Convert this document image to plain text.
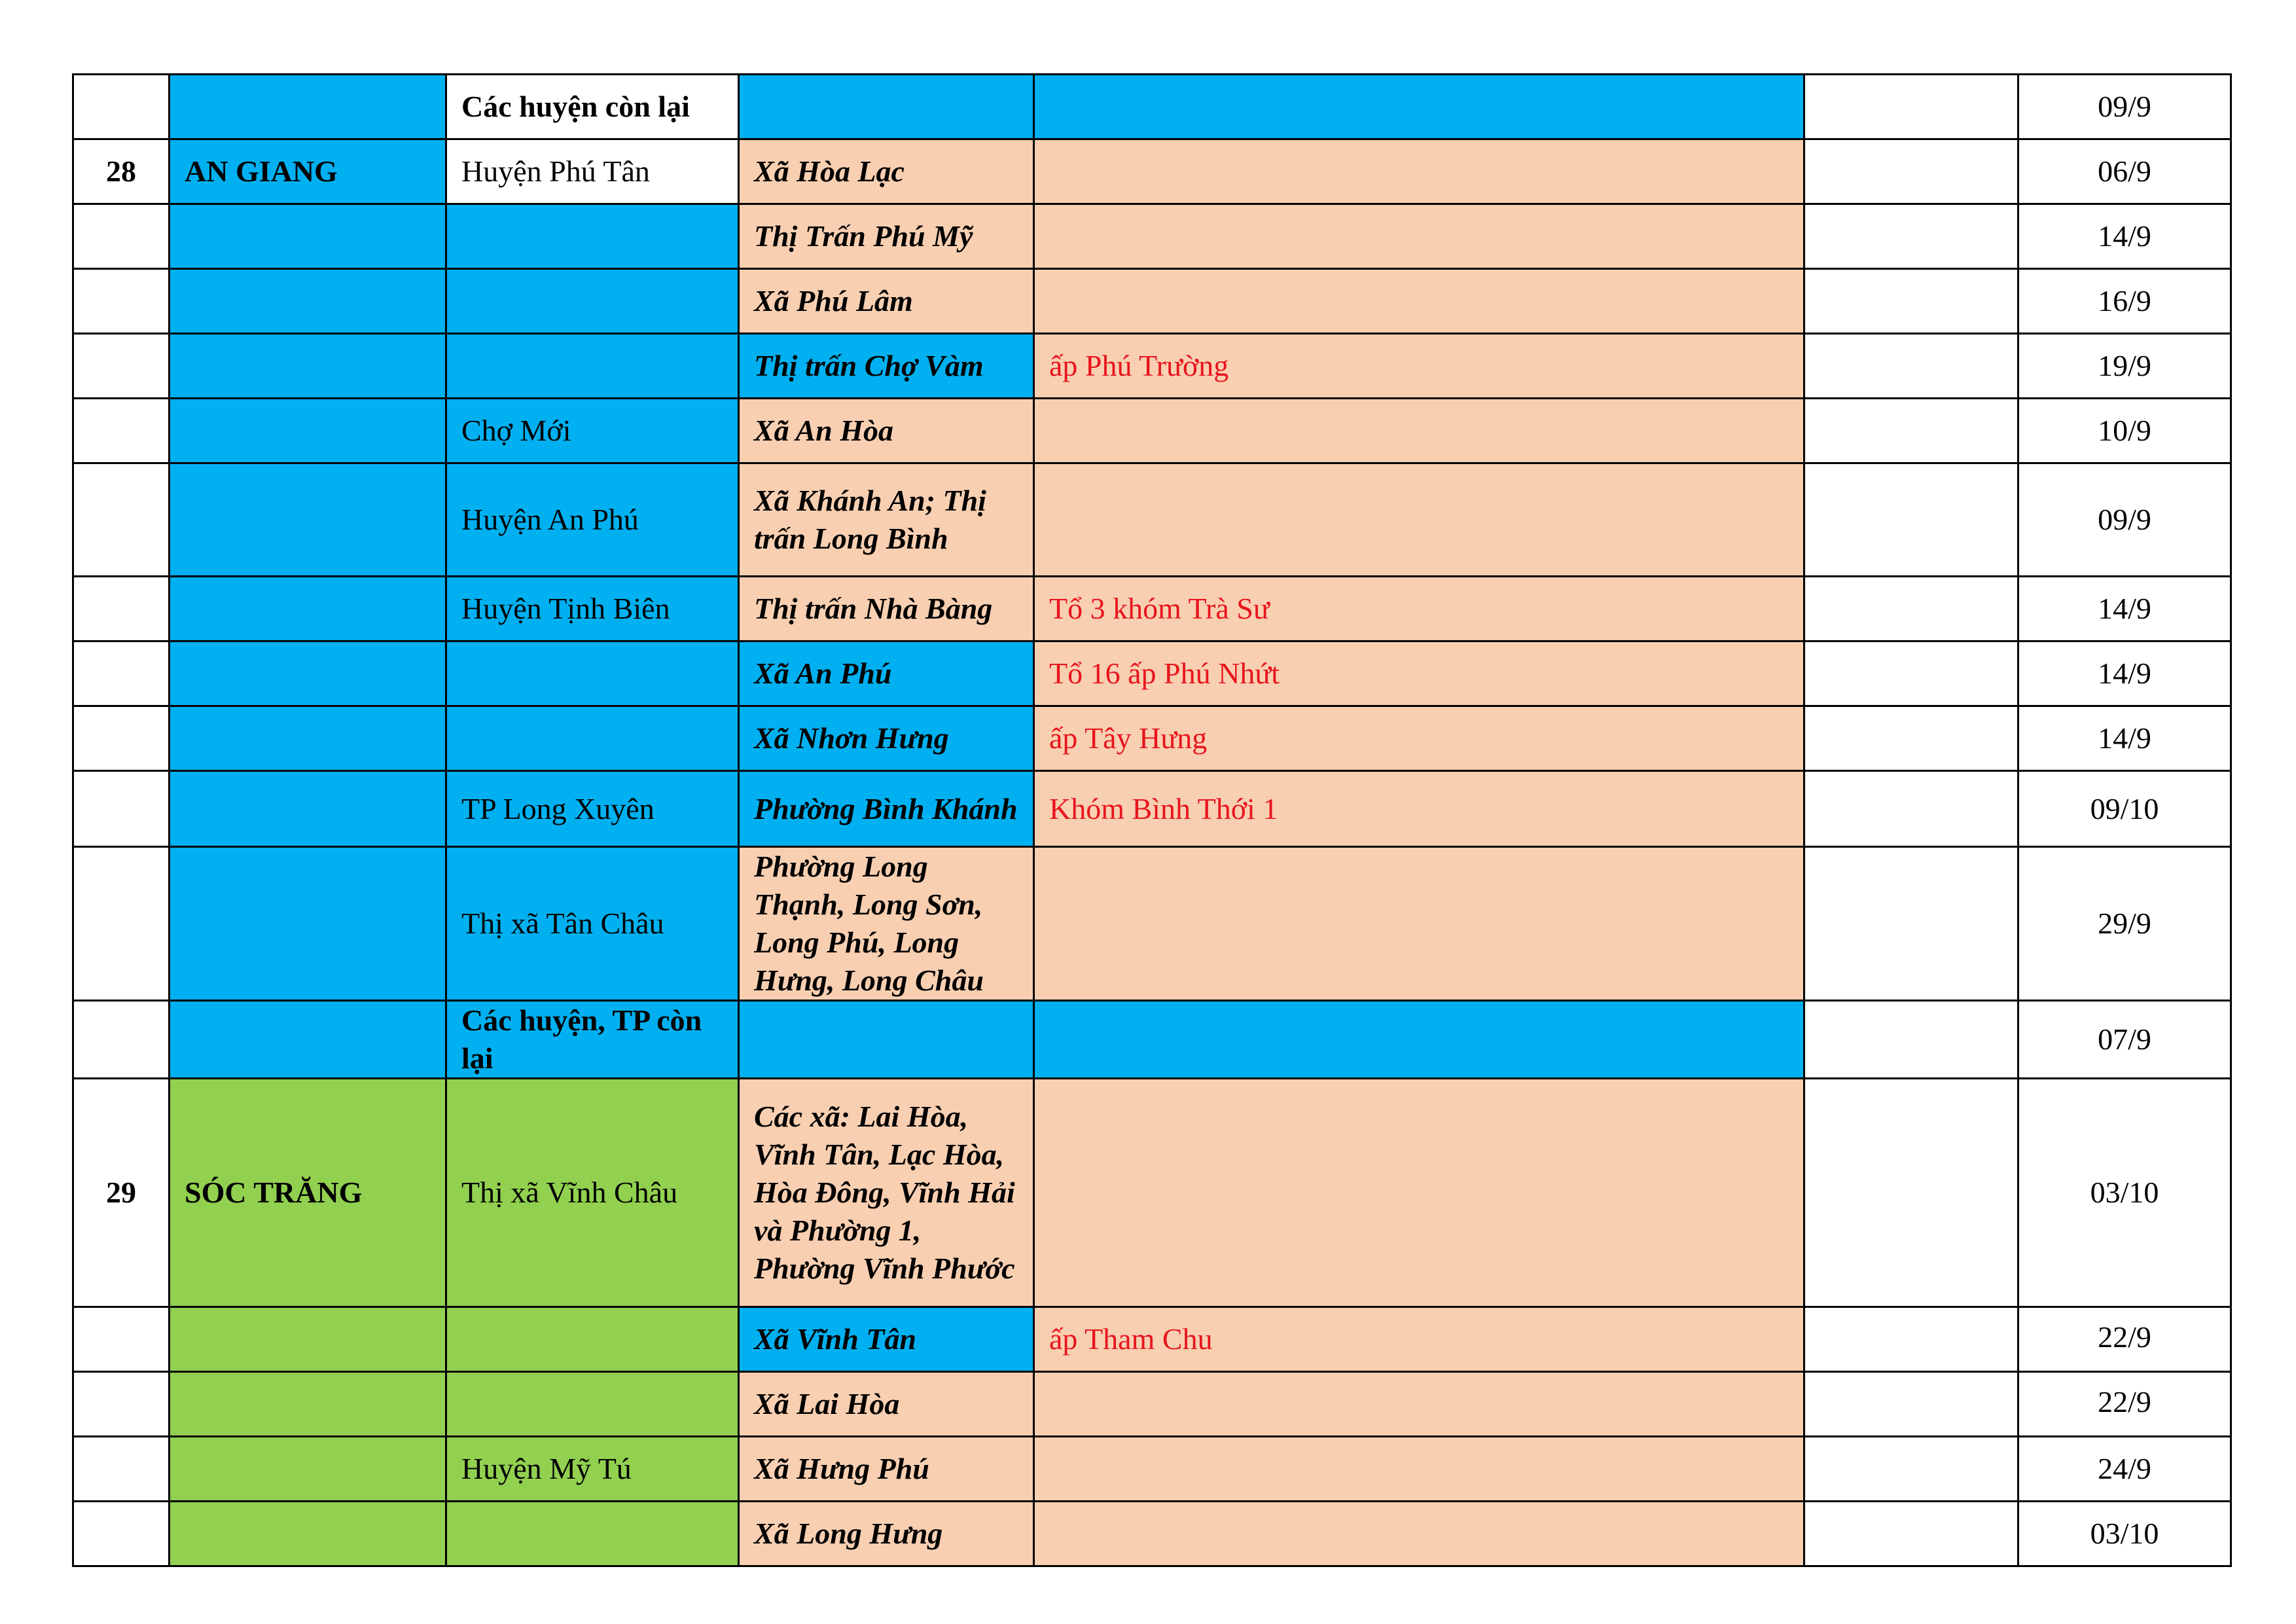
		Các huyện còn lại				09/9
28	AN GIANG	Huyện Phú Tân	Xã Hòa Lạc			06/9
			Thị Trấn Phú Mỹ			14/9
			Xã Phú Lâm			16/9
			Thị trấn Chợ Vàm	ấp Phú Trường		19/9
		Chợ Mới	Xã An Hòa			10/9
		Huyện An Phú	Xã Khánh An; Thị trấn Long Bình			09/9
		Huyện Tịnh Biên	Thị trấn Nhà Bàng	Tổ 3 khóm Trà Sư		14/9
			Xã An Phú	Tổ 16 ấp Phú Nhứt		14/9
			Xã Nhơn Hưng	ấp Tây Hưng		14/9
		TP Long Xuyên	Phường Bình Khánh	Khóm Bình Thới 1		09/10
		Thị xã Tân Châu	Phường Long Thạnh, Long Sơn, Long Phú, Long Hưng, Long Châu			29/9
		Các huyện, TP còn lại				07/9
29	SÓC TRĂNG	Thị xã Vĩnh Châu	Các xã: Lai Hòa, Vĩnh Tân, Lạc Hòa, Hòa Đông, Vĩnh Hải và Phường 1, Phường Vĩnh Phước			03/10
			Xã Vĩnh Tân	ấp Tham Chu		22/9
			Xã Lai Hòa			22/9
		Huyện Mỹ Tú	Xã Hưng Phú			24/9
			Xã Long Hưng			03/10
